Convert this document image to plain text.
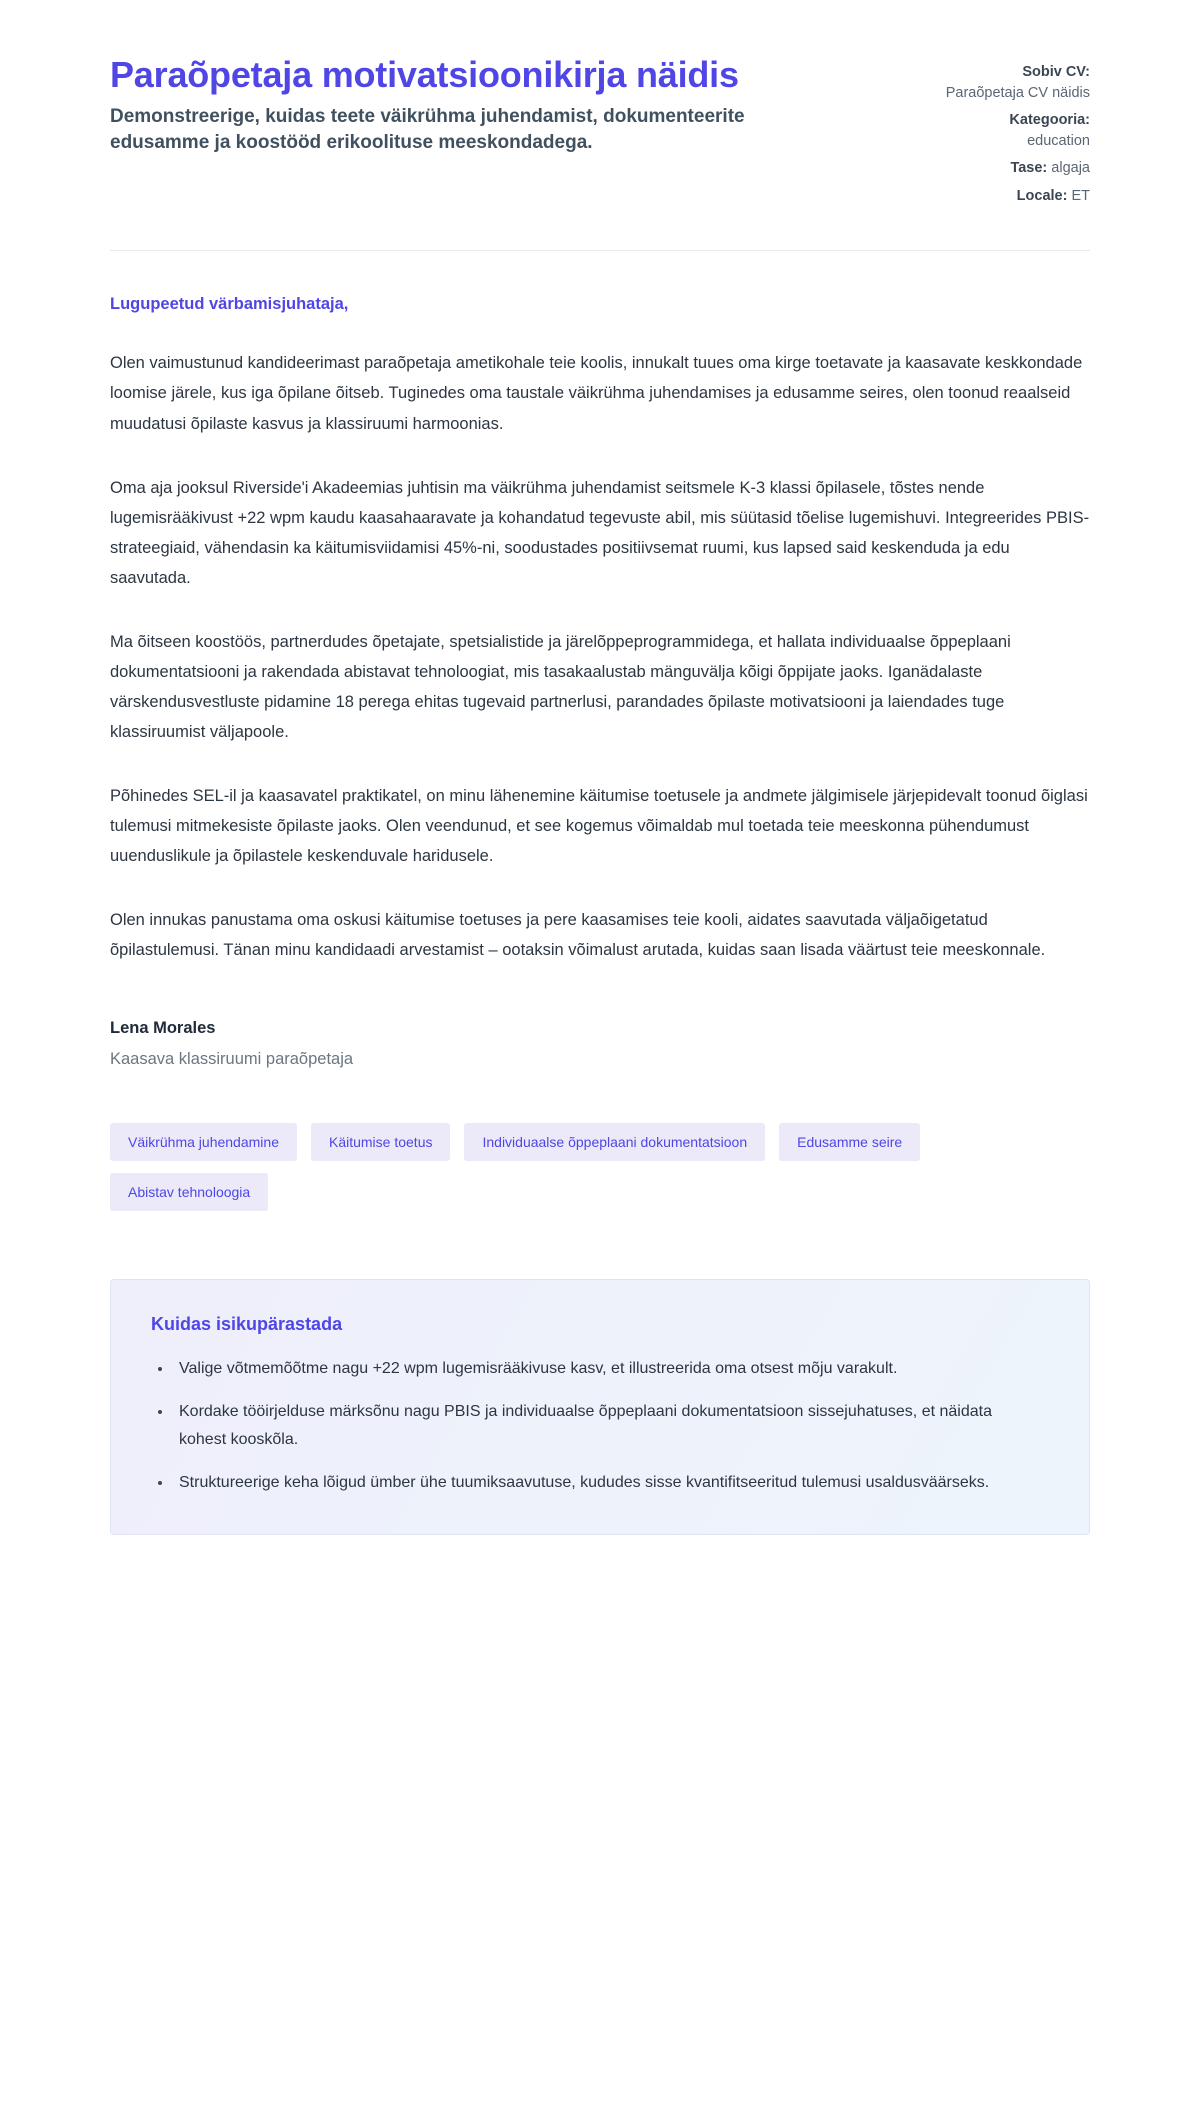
Paraõpetaja motivatsioonikirja näidis

Demonstreerige, kuidas teete väikrühma juhendamist, dokumenteerite edusamme ja koostööd erikoolituse meeskondadega.

Sobiv CV:
Paraõpetaja CV näidis
Kategooria:
education
Tase: algaja
Locale: ET

Lugupeetud värbamisjuhataja,

Olen vaimustunud kandideerimast paraõpetaja ametikohale teie koolis, innukalt tuues oma kirge toetavate ja kaasavate keskkondade loomise järele, kus iga õpilane õitseb. Tuginedes oma taustale väikrühma juhendamises ja edusamme seires, olen toonud reaalseid muudatusi õpilaste kasvus ja klassiruumi harmoonias.

Oma aja jooksul Riverside'i Akadeemias juhtisin ma väikrühma juhendamist seitsmele K-3 klassi õpilasele, tõstes nende lugemisrääkivust +22 wpm kaudu kaasahaaravate ja kohandatud tegevuste abil, mis süütasid tõelise lugemishuvi. Integreerides PBIS-strateegiaid, vähendasin ka käitumisviidamisi 45%-ni, soodustades positiivsemat ruumi, kus lapsed said keskenduda ja edu saavutada.

Ma õitseen koostöös, partnerdudes õpetajate, spetsialistide ja järelõppeprogrammidega, et hallata individuaalse õppeplaani dokumentatsiooni ja rakendada abistavat tehnoloogiat, mis tasakaalustab mänguvälja kõigi õppijate jaoks. Iganädalaste värskendusvestluste pidamine 18 perega ehitas tugevaid partnerlusi, parandades õpilaste motivatsiooni ja laiendades tuge klassiruumist väljapoole.

Põhinedes SEL-il ja kaasavatel praktikatel, on minu lähenemine käitumise toetusele ja andmete jälgimisele järjepidevalt toonud õiglasi tulemusi mitmekesiste õpilaste jaoks. Olen veendunud, et see kogemus võimaldab mul toetada teie meeskonna pühendumust uuenduslikule ja õpilastele keskenduvale haridusele.

Olen innukas panustama oma oskusi käitumise toetuses ja pere kaasamises teie kooli, aidates saavutada väljaõigetatud õpilastulemusi. Tänan minu kandidaadi arvestamist – ootaksin võimalust arutada, kuidas saan lisada väärtust teie meeskonnale.

Lena Morales

Kaasava klassiruumi paraõpetaja

Väikrühma juhendamine	Käitumise toetus	Individuaalse õppeplaani dokumentatsioon	Edusamme seire
Abistav tehnoloogia
Kuidas isikupärastada
• Valige võtmemõõtme nagu +22 wpm lugemisrääkivuse kasv, et illustreerida oma otsest mõju varakult.
• Kordake tööirjelduse märksõnu nagu PBIS ja individuaalse õppeplaani dokumentatsioon sissejuhatuses, et näidata kohest kooskõla.
• Struktureerige keha lõigud ümber ühe tuumiksaavutuse, kududes sisse kvantifitseeritud tulemusi usaldusväärseks.
